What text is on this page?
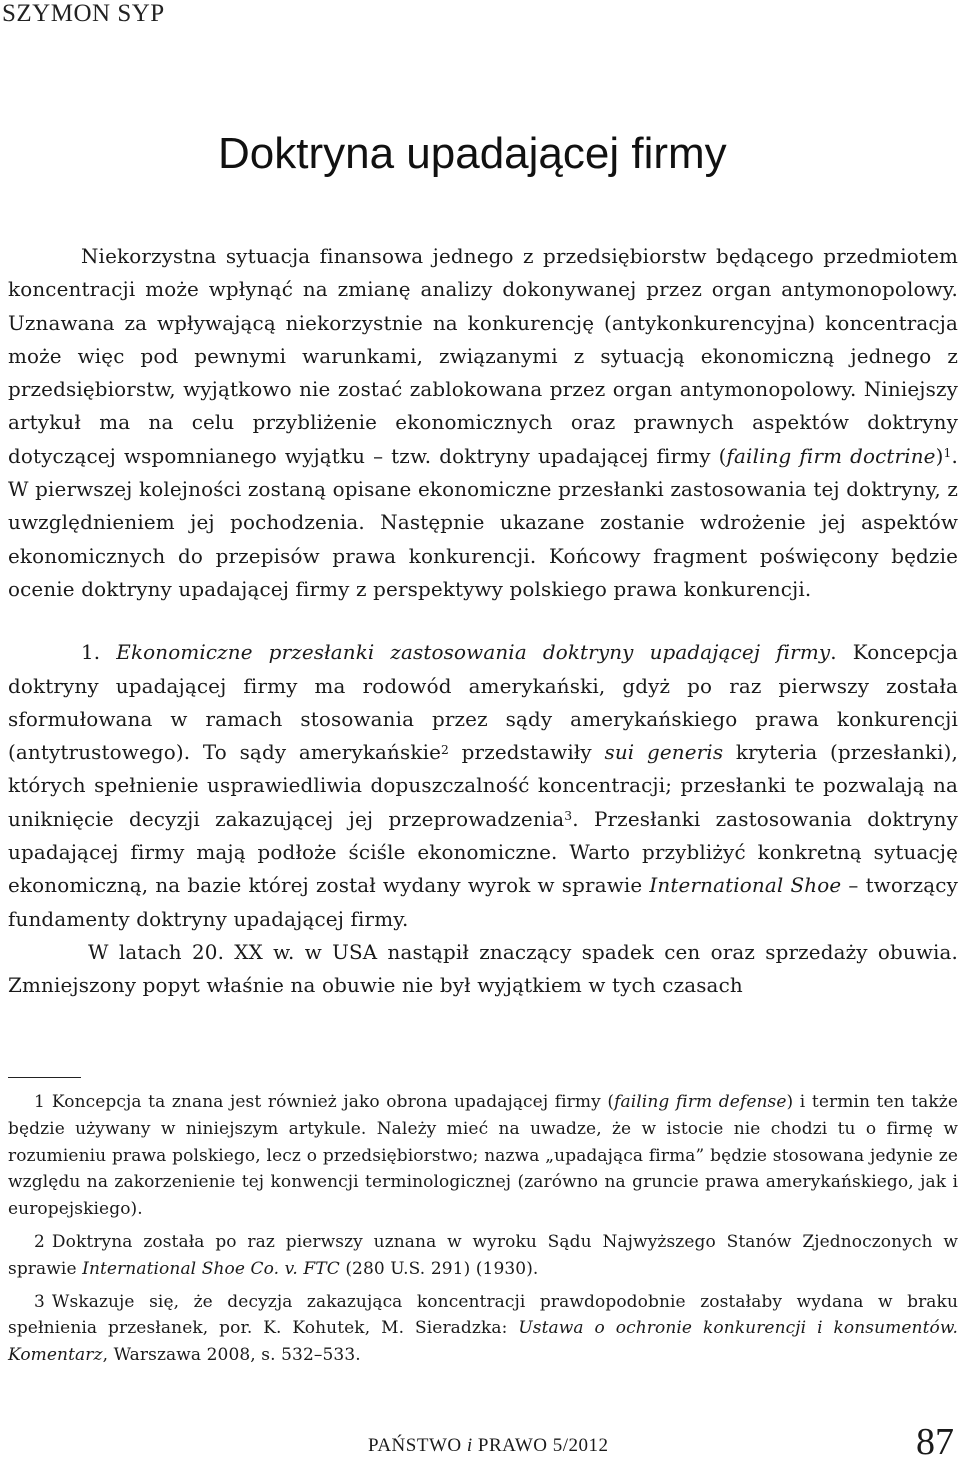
SZYMON SYP
Doktryna upadającej firmy

Niekorzystna sytuacja finansowa jednego z przedsiębiorstw będącego przedmiotem koncentracji może wpłynąć na zmianę analizy dokonywanej przez organ antymonopolowy. Uznawana za wpływającą niekorzystnie na konkurencję (antykonkurencyjna) koncentracja może więc pod pewnymi warunkami, związanymi z sytuacją ekonomiczną jednego z przedsiębiorstw, wyjątkowo nie zostać zablokowana przez organ antymonopolowy. Niniejszy artykuł ma na celu przybliżenie ekonomicznych oraz prawnych aspektów doktryny dotyczącej wspomnianego wyjątku – tzw. doktryny upadającej firmy (failing firm doctrine)$^1$. W pierwszej kolejności zostaną opisane ekonomiczne przesłanki zastosowania tej doktryny, z uwzględnieniem jej pochodzenia. Następnie ukazane zostanie wdrożenie jej aspektów ekonomicznych do przepisów prawa konkurencji. Końcowy fragment poświęcony będzie ocenie doktryny upadającej firmy z perspektywy polskiego prawa konkurencji.

1. Ekonomiczne przesłanki zastosowania doktryny upadającej firmy. Koncepcja doktryny upadającej firmy ma rodowód amerykański, gdyż po raz pierwszy została sformułowana w ramach stosowania przez sądy amerykańskiego prawa konkurencji (antytrustowego). To sądy amerykańskie$^2$ przedstawiły sui generis kryteria (przesłanki), których spełnienie usprawiedliwia dopuszczalność koncentracji; przesłanki te pozwalają na uniknięcie decyzji zakazującej jej przeprowadzenia$^3$. Przesłanki zastosowania doktryny upadającej firmy mają podłoże ściśle ekonomiczne. Warto przybliżyć konkretną sytuację ekonomiczną, na bazie której został wydany wyrok w sprawie International Shoe – tworzący fundamenty doktryny upadającej firmy.

W latach 20. XX w. w USA nastąpił znaczący spadek cen oraz sprzedaży obuwia. Zmniejszony popyt właśnie na obuwie nie był wyjątkiem w tych czasach

1 Koncepcja ta znana jest również jako obrona upadającej firmy (failing firm defense) i termin ten także będzie używany w niniejszym artykule. Należy mieć na uwadze, że w istocie nie chodzi tu o firmę w rozumieniu prawa polskiego, lecz o przedsiębiorstwo; nazwa „upadająca firma” będzie stosowana jedynie ze względu na zakorzenienie tej konwencji terminologicznej (zarówno na gruncie prawa amerykańskiego, jak i europejskiego).

2 Doktryna została po raz pierwszy uznana w wyroku Sądu Najwyższego Stanów Zjednoczonych w sprawie International Shoe Co. v. FTC (280 U.S. 291) (1930).

3 Wskazuje się, że decyzja zakazująca koncentracji prawdopodobnie zostałaby wydana w braku spełnienia przesłanek, por. K. Kohutek, M. Sieradzka: Ustawa o ochronie konkurencji i konsumentów. Komentarz, Warszawa 2008, s. 532–533.

PAŃSTWO i PRAWO 5/2012	87
